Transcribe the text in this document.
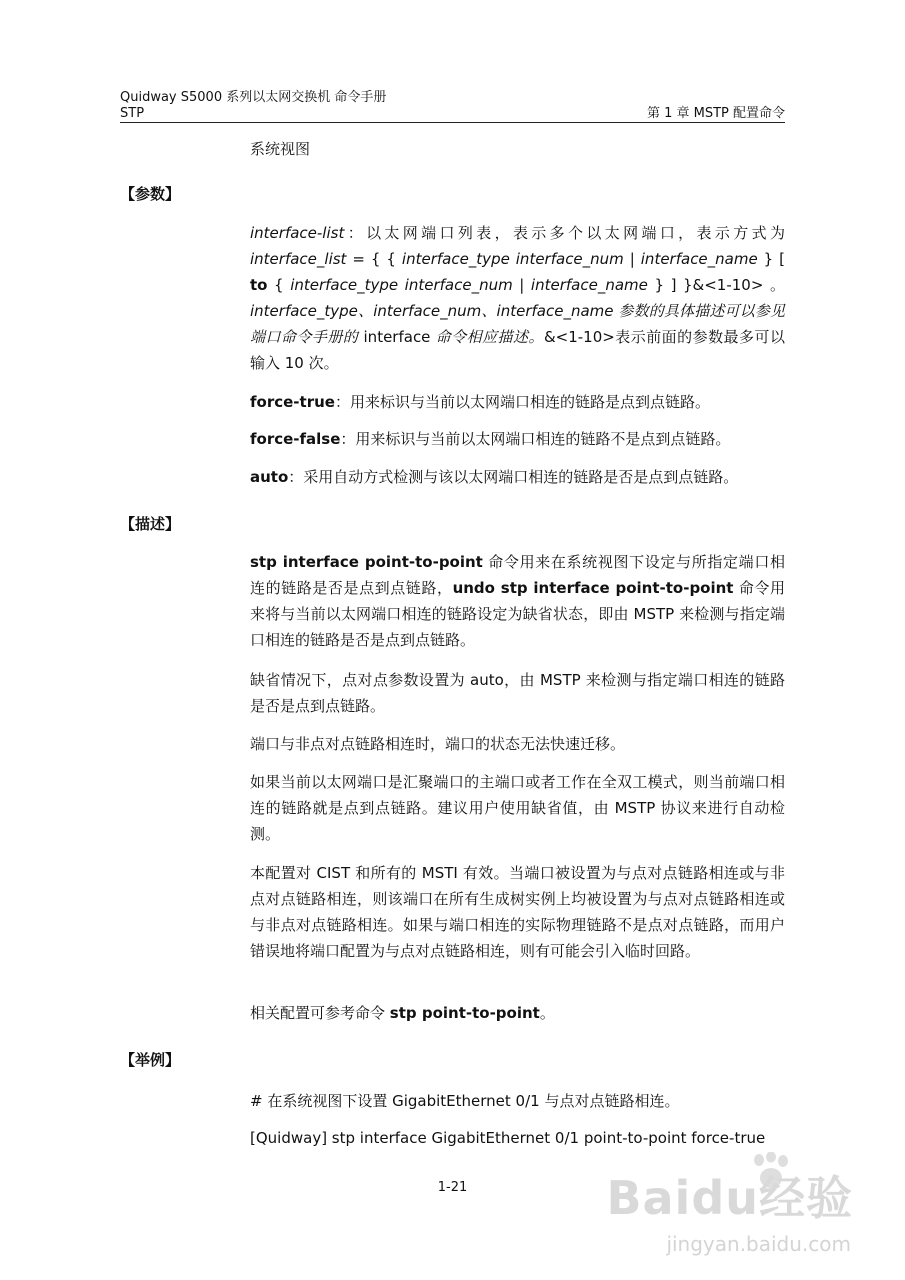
Quidway S5000 系列以太网交换机 命令手册
STP	第 1 章 MSTP 配置命令
系统视图
【参数】
interface-list：以太网端口列表，表示多个以太网端口，表示方式为 interface_list = { { interface_type interface_num | interface_name } [ to { interface_type interface_num | interface_name } ] }&<1-10> 。interface_type、interface_num、interface_name 参数的具体描述可以参见端口命令手册的 interface 命令相应描述。&<1-10>表示前面的参数最多可以输入 10 次。
force-true：用来标识与当前以太网端口相连的链路是点到点链路。
force-false：用来标识与当前以太网端口相连的链路不是点到点链路。
auto：采用自动方式检测与该以太网端口相连的链路是否是点到点链路。
【描述】
stp interface point-to-point 命令用来在系统视图下设定与所指定端口相连的链路是否是点到点链路，undo stp interface point-to-point 命令用来将与当前以太网端口相连的链路设定为缺省状态，即由 MSTP 来检测与指定端口相连的链路是否是点到点链路。
缺省情况下，点对点参数设置为 auto，由 MSTP 来检测与指定端口相连的链路是否是点到点链路。
端口与非点对点链路相连时，端口的状态无法快速迁移。
如果当前以太网端口是汇聚端口的主端口或者工作在全双工模式，则当前端口相连的链路就是点到点链路。建议用户使用缺省值，由 MSTP 协议来进行自动检测。
本配置对 CIST 和所有的 MSTI 有效。当端口被设置为与点对点链路相连或与非点对点链路相连，则该端口在所有生成树实例上均被设置为与点对点链路相连或与非点对点链路相连。如果与端口相连的实际物理链路不是点对点链路，而用户错误地将端口配置为与点对点链路相连，则有可能会引入临时回路。
相关配置可参考命令 stp point-to-point。
【举例】
# 在系统视图下设置 GigabitEthernet 0/1 与点对点链路相连。
[Quidway] stp interface GigabitEthernet 0/1 point-to-point force-true
1-21	Baidu经验
jingyan.baidu.com
